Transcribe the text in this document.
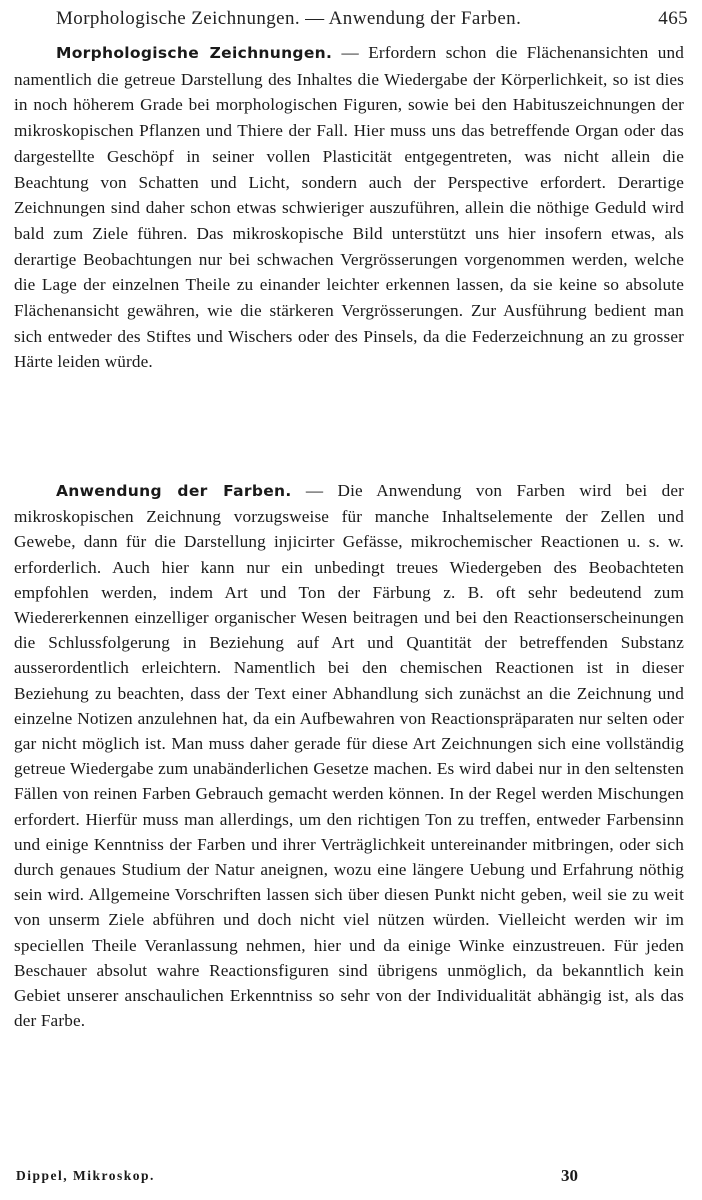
Morphologische Zeichnungen. — Anwendung der Farben.	465

Morphologische Zeichnungen. — Erfordern schon die Flächenansichten und namentlich die getreue Darstellung des Inhaltes die Wiedergabe der Körperlichkeit, so ist dies in noch höherem Grade bei morphologischen Figuren, sowie bei den Habituszeichnungen der mikroskopischen Pflanzen und Thiere der Fall. Hier muss uns das betreffende Organ oder das dargestellte Geschöpf in seiner vollen Plasticität entgegentreten, was nicht allein die Beachtung von Schatten und Licht, sondern auch der Perspective erfordert. Derartige Zeichnungen sind daher schon etwas schwieriger auszuführen, allein die nöthige Geduld wird bald zum Ziele führen. Das mikroskopische Bild unterstützt uns hier insofern etwas, als derartige Beobachtungen nur bei schwachen Vergrösserungen vorgenommen werden, welche die Lage der einzelnen Theile zu einander leichter erkennen lassen, da sie keine so absolute Flächenansicht gewähren, wie die stärkeren Vergrösserungen. Zur Ausführung bedient man sich entweder des Stiftes und Wischers oder des Pinsels, da die Federzeichnung an zu grosser Härte leiden würde.

Anwendung der Farben. — Die Anwendung von Farben wird bei der mikroskopischen Zeichnung vorzugsweise für manche Inhaltselemente der Zellen und Gewebe, dann für die Darstellung injicirter Gefässe, mikrochemischer Reactionen u. s. w. erforderlich. Auch hier kann nur ein unbedingt treues Wiedergeben des Beobachteten empfohlen werden, indem Art und Ton der Färbung z. B. oft sehr bedeutend zum Wiedererkennen einzelliger organischer Wesen beitragen und bei den Reactionserscheinungen die Schlussfolgerung in Beziehung auf Art und Quantität der betreffenden Substanz ausserordentlich erleichtern. Namentlich bei den chemischen Reactionen ist in dieser Beziehung zu beachten, dass der Text einer Abhandlung sich zunächst an die Zeichnung und einzelne Notizen anzulehnen hat, da ein Aufbewahren von Reactionspräparaten nur selten oder gar nicht möglich ist. Man muss daher gerade für diese Art Zeichnungen sich eine vollständig getreue Wiedergabe zum unabänderlichen Gesetze machen. Es wird dabei nur in den seltensten Fällen von reinen Farben Gebrauch gemacht werden können. In der Regel werden Mischungen erfordert. Hierfür muss man allerdings, um den richtigen Ton zu treffen, entweder Farbensinn und einige Kenntniss der Farben und ihrer Verträglichkeit untereinander mitbringen, oder sich durch genaues Studium der Natur aneignen, wozu eine längere Uebung und Erfahrung nöthig sein wird. Allgemeine Vorschriften lassen sich über diesen Punkt nicht geben, weil sie zu weit von unserm Ziele abführen und doch nicht viel nützen würden. Vielleicht werden wir im speciellen Theile Veranlassung nehmen, hier und da einige Winke einzustreuen. Für jeden Beschauer absolut wahre Reactionsfiguren sind übrigens unmöglich, da bekanntlich kein Gebiet unserer anschaulichen Erkenntniss so sehr von der Individualität abhängig ist, als das der Farbe.

Dippel, Mikroskop.	30
